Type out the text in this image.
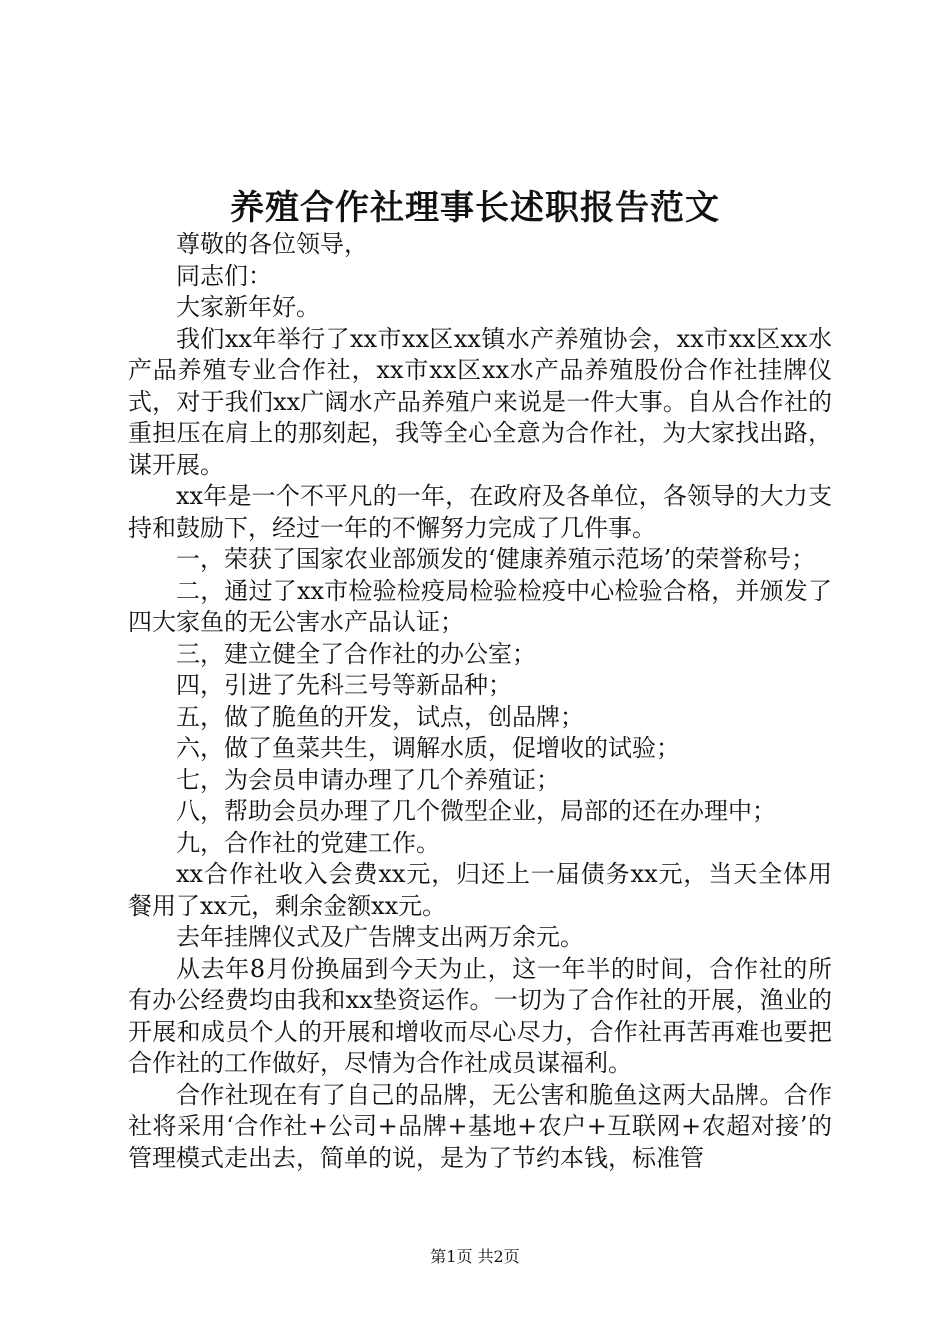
养殖合作社理事长述职报告范文

尊敬的各位领导，

同志们：

大家新年好。

我们xx年举行了xx市xx区xx镇水产养殖协会，xx市xx区xx水产品养殖专业合作社，xx市xx区xx水产品养殖股份合作社挂牌仪式，对于我们xx广阔水产品养殖户来说是一件大事。自从合作社的重担压在肩上的那刻起，我等全心全意为合作社，为大家找出路，谋开展。

xx年是一个不平凡的一年，在政府及各单位，各领导的大力支持和鼓励下，经过一年的不懈努力完成了几件事。

一，荣获了国家农业部颁发的‘健康养殖示范场’的荣誉称号；

二，通过了xx市检验检疫局检验检疫中心检验合格，并颁发了四大家鱼的无公害水产品认证；

三，建立健全了合作社的办公室；

四，引进了先科三号等新品种；

五，做了脆鱼的开发，试点，创品牌；

六，做了鱼菜共生，调解水质，促增收的试验；

七，为会员申请办理了几个养殖证；

八，帮助会员办理了几个微型企业，局部的还在办理中；

九，合作社的党建工作。

xx合作社收入会费xx元，归还上一届债务xx元，当天全体用餐用了xx元，剩余金额xx元。

去年挂牌仪式及广告牌支出两万余元。

从去年8月份换届到今天为止，这一年半的时间，合作社的所有办公经费均由我和xx垫资运作。一切为了合作社的开展，渔业的开展和成员个人的开展和增收而尽心尽力，合作社再苦再难也要把合作社的工作做好，尽情为合作社成员谋福利。

合作社现在有了自己的品牌，无公害和脆鱼这两大品牌。合作社将采用‘合作社+公司+品牌+基地+农户+互联网+农超对接’的管理模式走出去，简单的说，是为了节约本钱，标准管

第1页 共2页
